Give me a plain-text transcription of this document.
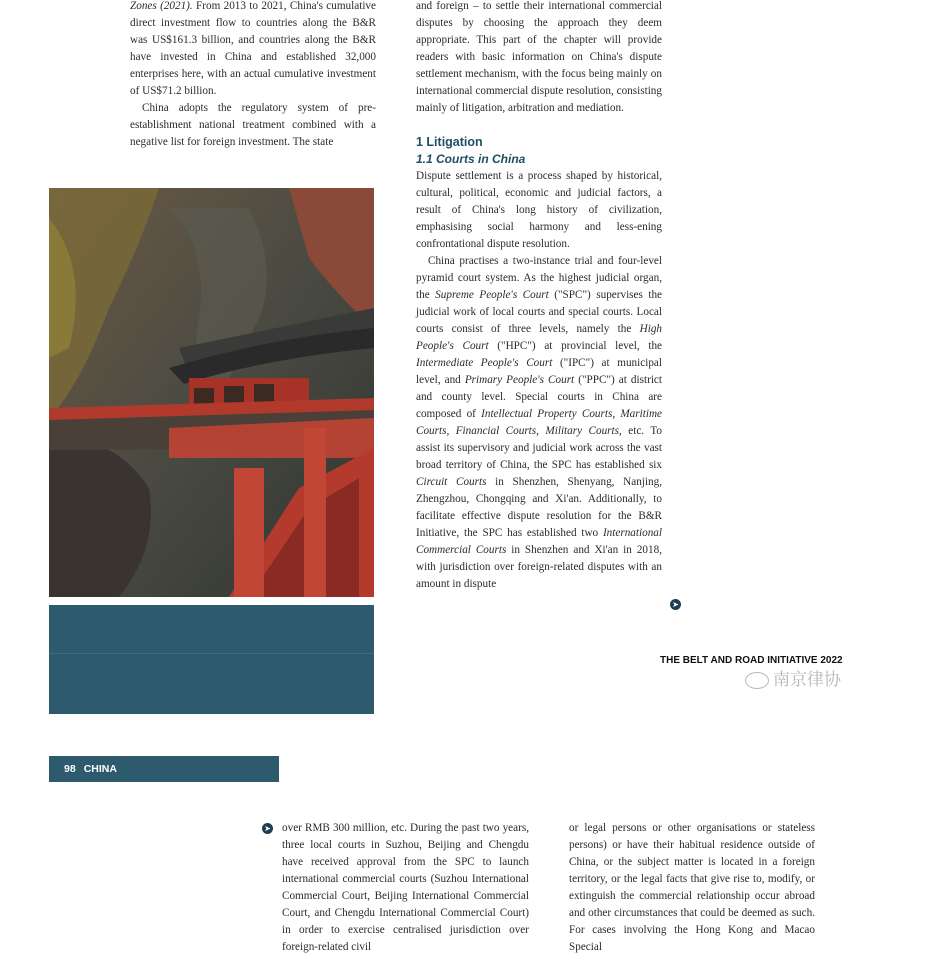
Zones (2021). From 2013 to 2021, China's cumulative direct investment flow to countries along the B&R was US$161.3 billion, and countries along the B&R have invested in China and established 32,000 enterprises here, with an actual cumulative investment of US$71.2 billion.

China adopts the regulatory system of pre-establishment national treatment combined with a negative list for foreign investment. The state

and foreign – to settle their international commercial disputes by choosing the approach they deem appropriate. This part of the chapter will provide readers with basic information on China's dispute settlement mechanism, with the focus being mainly on international commercial dispute resolution, consisting mainly of litigation, arbitration and mediation.

1 Litigation
1.1 Courts in China

Dispute settlement is a process shaped by historical, cultural, political, economic and judicial factors, a result of China's long history of civilization, emphasising social harmony and less-ening confrontational dispute resolution.

China practises a two-instance trial and four-level pyramid court system. As the highest judicial organ, the Supreme People's Court ("SPC") supervises the judicial work of local courts and special courts. Local courts consist of three levels, namely the High People's Court ("HPC") at provincial level, the Intermediate People's Court ("IPC") at municipal level, and Primary People's Court ("PPC") at district and county level. Special courts in China are composed of Intellectual Property Courts, Maritime Courts, Financial Courts, Military Courts, etc. To assist its supervisory and judicial work across the vast broad territory of China, the SPC has established six Circuit Courts in Shenzhen, Shenyang, Nanjing, Zhengzhou, Chongqing and Xi'an. Additionally, to facilitate effective dispute resolution for the B&R Initiative, the SPC has established two International Commercial Courts in Shenzhen and Xi'an in 2018, with jurisdiction over foreign-related disputes with an amount in dispute

➤
THE BELT AND ROAD INITIATIVE 2022
南京律协
98 CHINA
➤ over RMB 300 million, etc. During the past two years, three local courts in Suzhou, Beijing and Chengdu have received approval from the SPC to launch international commercial courts (Suzhou International Commercial Court, Beijing International Commercial Court, and Chengdu International Commercial Court) in order to exercise centralised jurisdiction over foreign-related civil

or legal persons or other organisations or stateless persons) or have their habitual residence outside of China, or the subject matter is located in a foreign territory, or the legal facts that give rise to, modify, or extinguish the commercial relationship occur abroad and other circumstances that could be deemed as such. For cases involving the Hong Kong and Macao Special
